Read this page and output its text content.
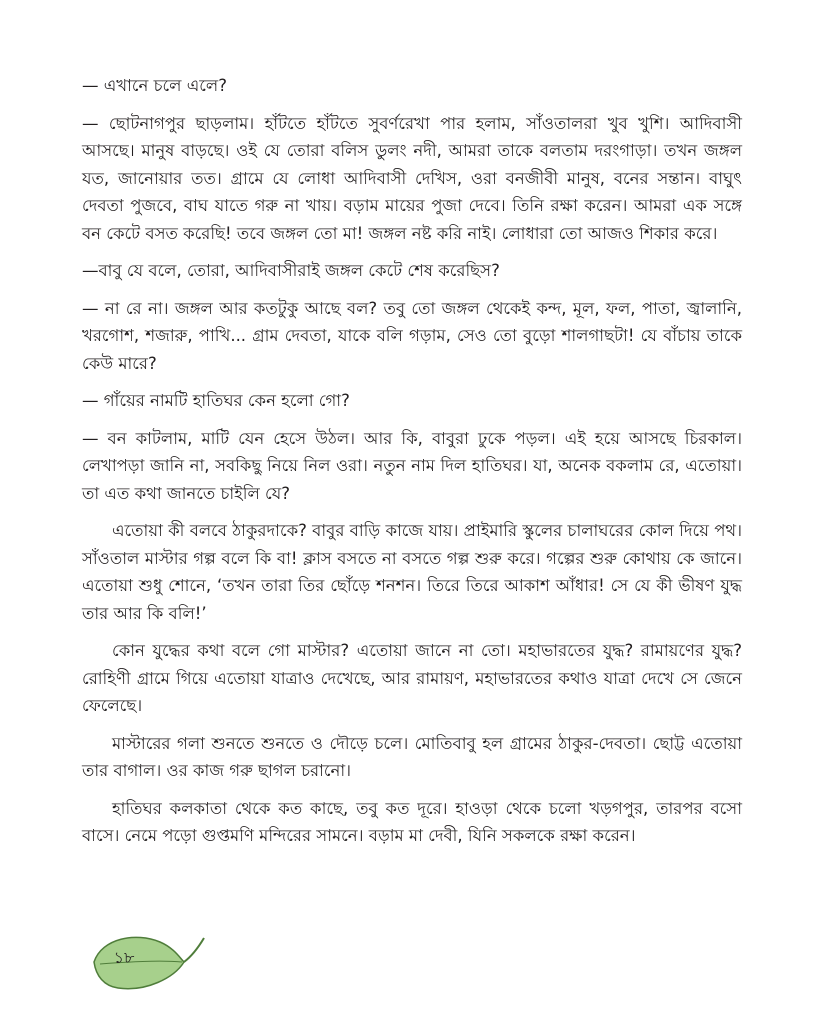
— এখানে চলে এলে?

— ছোটনাগপুর ছাড়লাম। হাঁটতে হাঁটতে সুবর্ণরেখা পার হলাম, সাঁওতালরা খুব খুশি। আদিবাসী আসছে। মানুষ বাড়ছে। ওই যে তোরা বলিস ডুলং নদী, আমরা তাকে বলতাম দরংগাড়া। তখন জঙ্গল যত, জানোয়ার তত। গ্রামে যে লোধা আদিবাসী দেখিস, ওরা বনজীবী মানুষ, বনের সন্তান। বাঘুৎ দেবতা পুজবে, বাঘ যাতে গরু না খায়। বড়াম মায়ের পুজা দেবে। তিনি রক্ষা করেন। আমরা এক সঙ্গে বন কেটে বসত করেছি! তবে জঙ্গল তো মা! জঙ্গল নষ্ট করি নাই। লোধারা তো আজও শিকার করে।

—বাবু যে বলে, তোরা, আদিবাসীরাই জঙ্গল কেটে শেষ করেছিস?

— না রে না। জঙ্গল আর কতটুকু আছে বল? তবু তো জঙ্গল থেকেই কন্দ, মূল, ফল, পাতা, জ্বালানি, খরগোশ, শজারু, পাখি... গ্রাম দেবতা, যাকে বলি গড়াম, সেও তো বুড়ো শালগাছটা! যে বাঁচায় তাকে কেউ মারে?

— গাঁয়ের নামটি হাতিঘর কেন হলো গো?

— বন কাটলাম, মাটি যেন হেসে উঠল। আর কি, বাবুরা ঢুকে পড়ল। এই হয়ে আসছে চিরকাল। লেখাপড়া জানি না, সবকিছু নিয়ে নিল ওরা। নতুন নাম দিল হাতিঘর। যা, অনেক বকলাম রে, এতোয়া। তা এত কথা জানতে চাইলি যে?

এতোয়া কী বলবে ঠাকুরদাকে? বাবুর বাড়ি কাজে যায়। প্রাইমারি স্কুলের চালাঘরের কোল দিয়ে পথ। সাঁওতাল মাস্টার গল্প বলে কি বা! ক্লাস বসতে না বসতে গল্প শুরু করে। গল্পের শুরু কোথায় কে জানে। এতোয়া শুধু শোনে, ‘তখন তারা তির ছোঁড়ে শনশন। তিরে তিরে আকাশ আঁধার! সে যে কী ভীষণ যুদ্ধ তার আর কি বলি!’

কোন যুদ্ধের কথা বলে গো মাস্টার? এতোয়া জানে না তো। মহাভারতের যুদ্ধ? রামায়ণের যুদ্ধ? রোহিণী গ্রামে গিয়ে এতোয়া যাত্রাও দেখেছে, আর রামায়ণ, মহাভারতের কথাও যাত্রা দেখে সে জেনে ফেলেছে।

মাস্টারের গলা শুনতে শুনতে ও দৌড়ে চলে। মোতিবাবু হল গ্রামের ঠাকুর-দেবতা। ছোট্ট এতোয়া তার বাগাল। ওর কাজ গরু ছাগল চরানো।

হাতিঘর কলকাতা থেকে কত কাছে, তবু কত দূরে। হাওড়া থেকে চলো খড়গপুর, তারপর বসো বাসে। নেমে পড়ো গুপ্তমণি মন্দিরের সামনে। বড়াম মা দেবী, যিনি সকলকে রক্ষা করেন।

১৮
